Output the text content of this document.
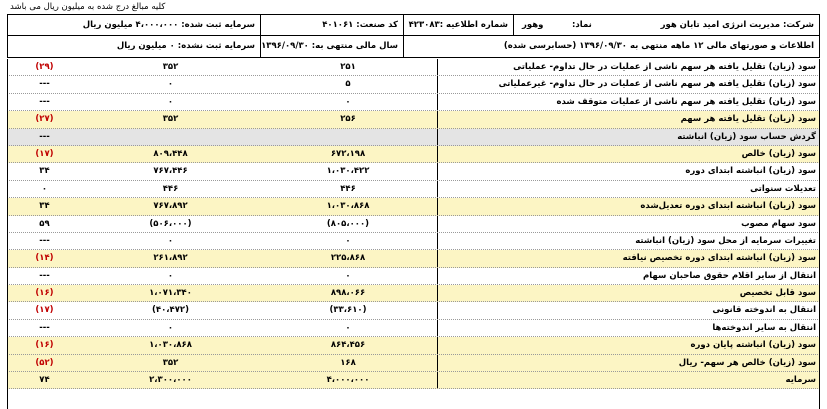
کلیه مبالغ درج شده به میلیون ریال می باشد
شرکت: مدیریت انرژی امید تابان هور
نماد:
وهور
شماره اطلاعیه :۴۲۳۰۸۳
کد صنعت: ۴۰۱۰۶۱
سرمایه ثبت شده: ۴،۰۰۰،۰۰۰ میلیون ریال
اطلاعات و صورتهای مالی ۱۲ ماهه منتهی به ۱۳۹۶/۰۹/۳۰ (حسابرسی شده)
سال مالی منتهی به: ۱۳۹۶/۰۹/۳۰
سرمایه ثبت نشده: ۰ میلیون ریال
سود (زیان) تقلیل یافته هر سهم ناشی از عملیات در حال تداوم- عملیاتی
۲۵۱
۳۵۲
(۲۹)
سود (زیان) تقلیل یافته هر سهم ناشی از عملیات در حال تداوم- غیرعملیاتی
۵
۰
---
سود (زیان) تقلیل یافته هر سهم ناشی از عملیات متوقف شده
۰
۰
---
سود (زیان) تقلیل یافته هر سهم
۲۵۶
۳۵۲
(۲۷)
گردش حساب سود (زیان) انباشته
---
سود (زیان) خالص
۶۷۲،۱۹۸
۸۰۹،۴۴۸
(۱۷)
سود (زیان) انباشته ابتدای دوره
۱،۰۳۰،۴۲۲
۷۶۷،۴۴۶
۳۴
تعدیلات سنواتی
۴۴۶
۴۴۶
۰
سود (زیان) انباشته ابتدای دوره تعدیل‌شده
۱،۰۳۰،۸۶۸
۷۶۷،۸۹۲
۳۴
سود سهام مصوب
(۸۰۵،۰۰۰)
(۵۰۶،۰۰۰)
۵۹
تغییرات سرمایه از محل سود (زیان) انباشته
۰
۰
---
سود (زیان) انباشته ابتدای دوره تخصیص نیافته
۲۲۵،۸۶۸
۲۶۱،۸۹۲
(۱۴)
انتقال از سایر اقلام حقوق صاحبان سهام
۰
۰
---
سود قابل تخصیص
۸۹۸،۰۶۶
۱،۰۷۱،۳۴۰
(۱۶)
انتقال به اندوخته قانونی
(۳۳،۶۱۰)
(۴۰،۴۷۲)
(۱۷)
انتقال به سایر اندوخته‌ها
۰
۰
---
سود (زیان) انباشته پایان دوره
۸۶۴،۴۵۶
۱،۰۳۰،۸۶۸
(۱۶)
سود (زیان) خالص هر سهم- ریال
۱۶۸
۳۵۲
(۵۲)
سرمایه
۴،۰۰۰،۰۰۰
۲،۳۰۰،۰۰۰
۷۴
